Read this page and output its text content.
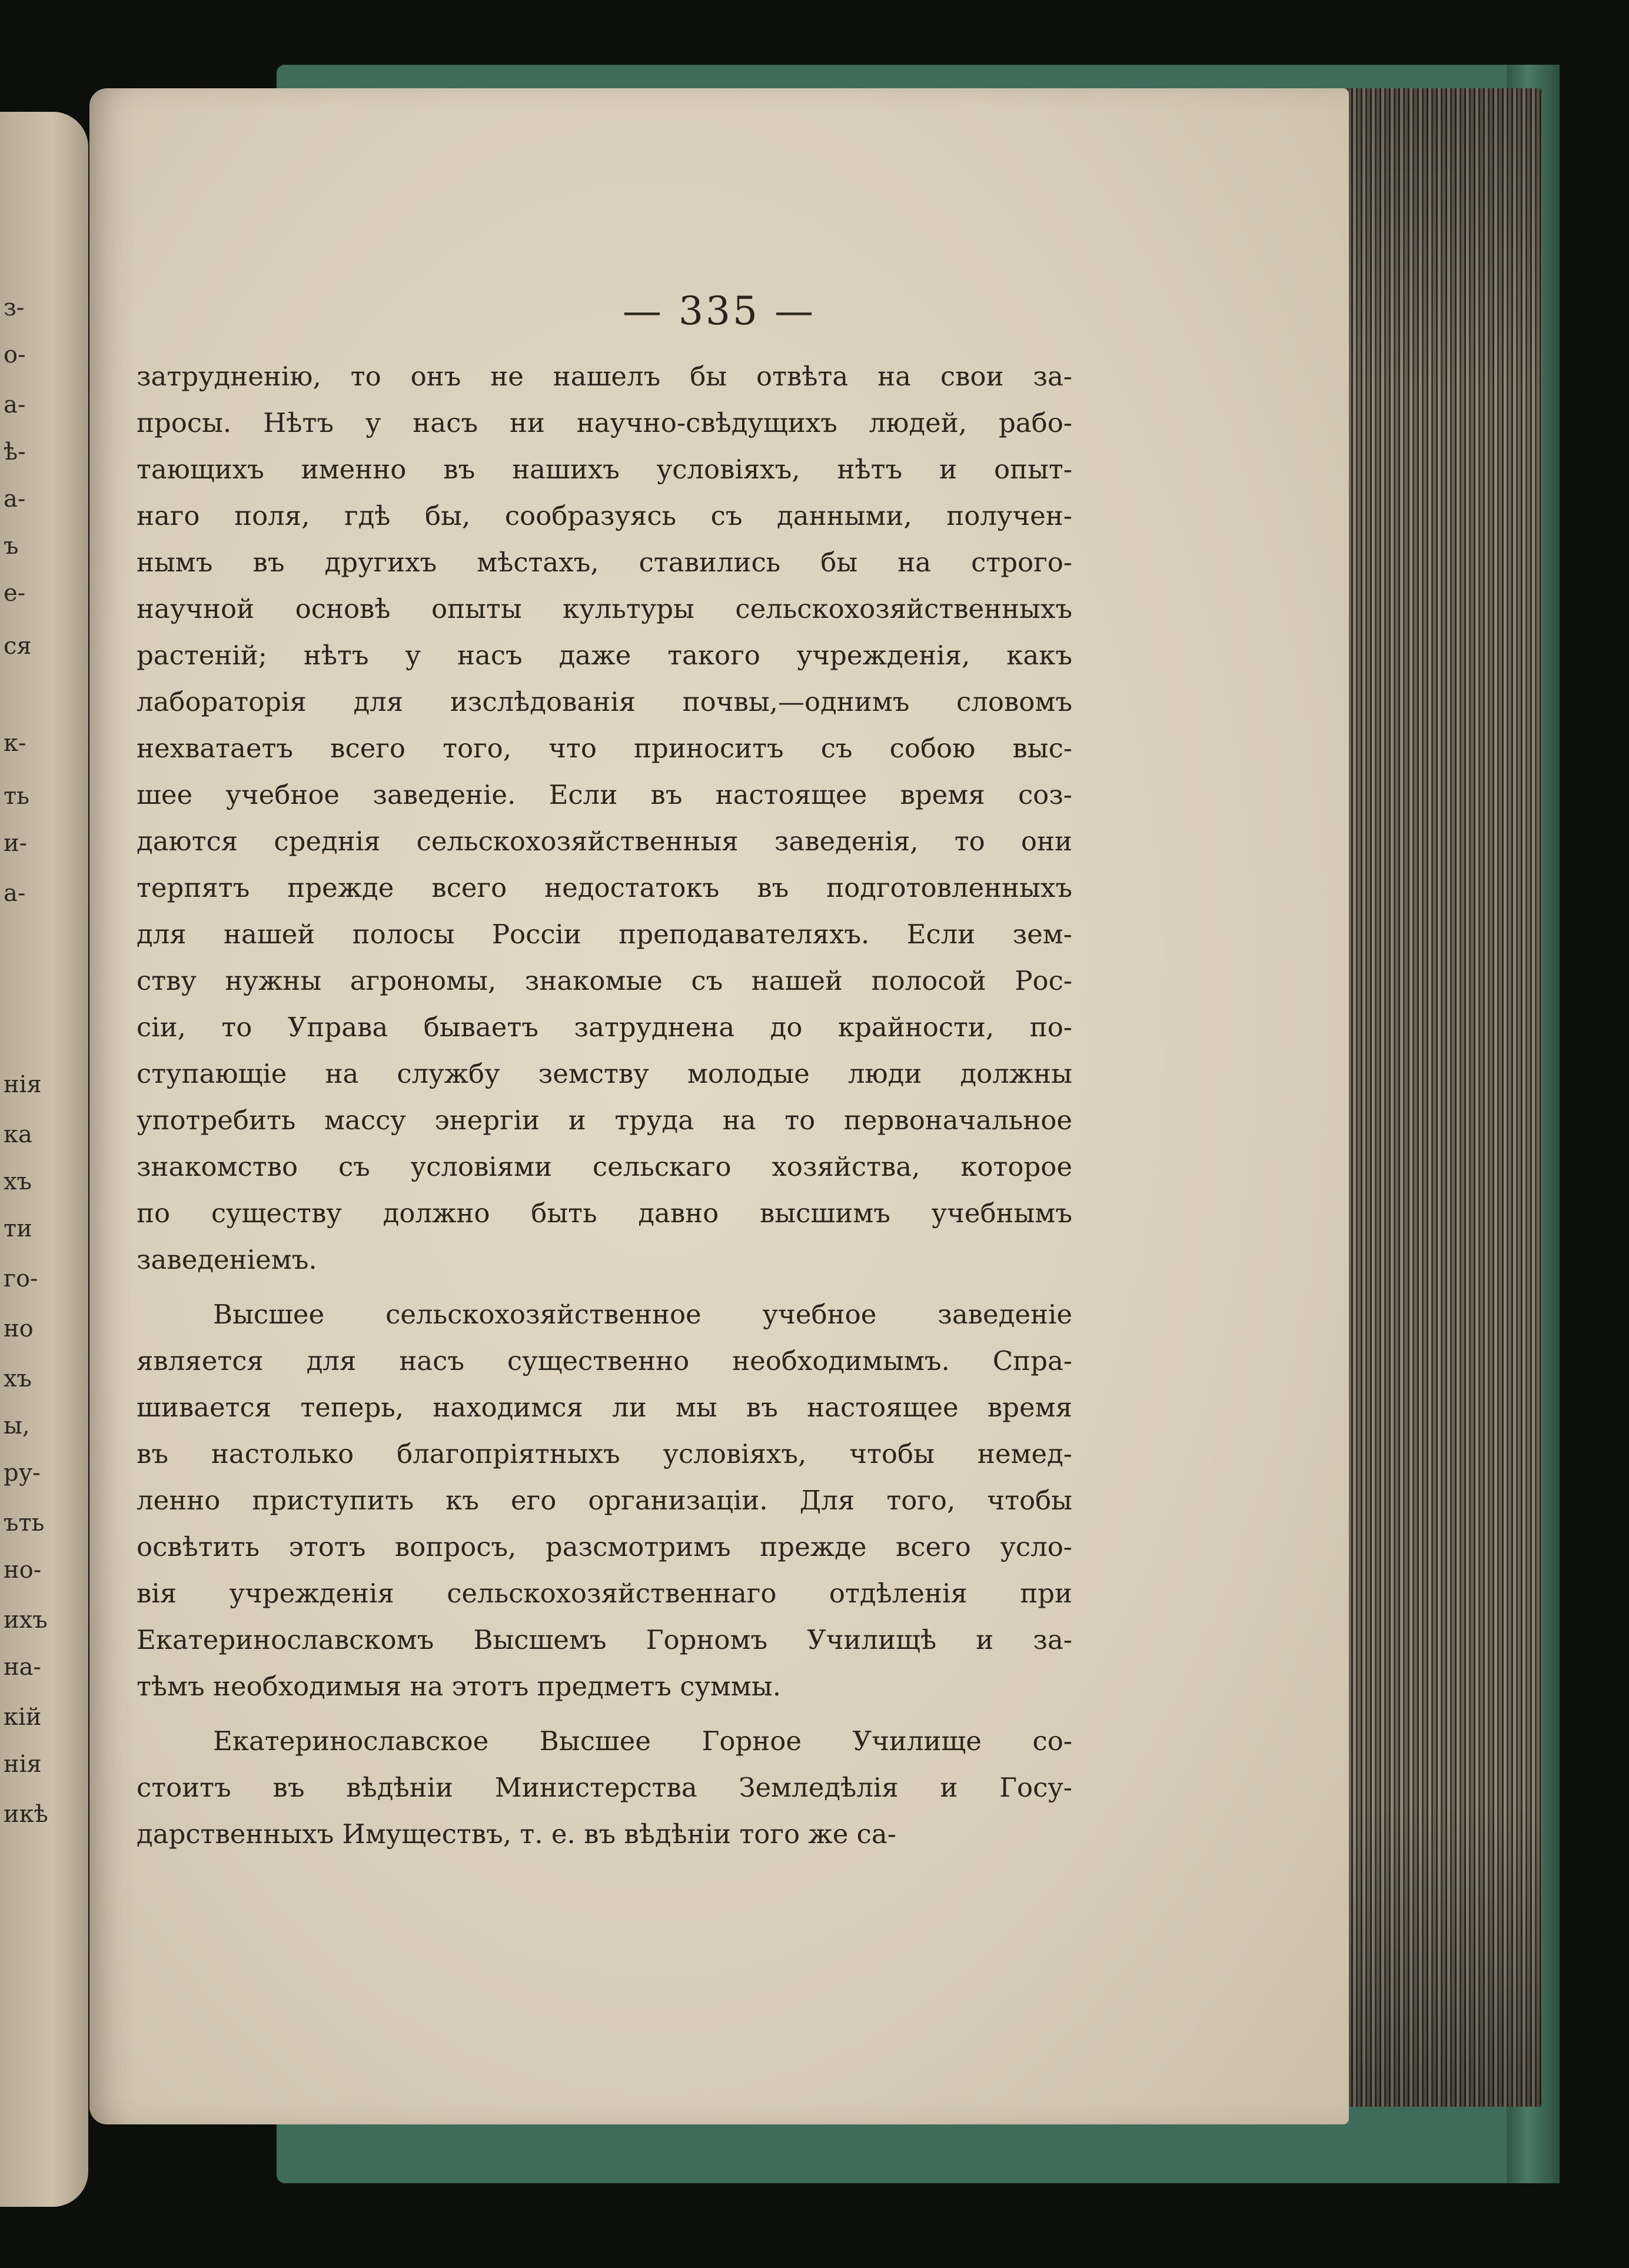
з-
о-
а-
ѣ-
а-
ъ
е-
ся
к-
ть
и-
а-
нія
ка
хъ
ти
го-
но
хъ
ы,
ру-
ъть
но-
ихъ
на-
кій
нія
икѣ
— 335 —
затрудненію, то онъ не нашелъ бы отвѣта на свои за-
просы. Нѣтъ у насъ ни научно-свѣдущихъ людей, рабо-
тающихъ именно въ нашихъ условіяхъ, нѣтъ и опыт-
наго поля, гдѣ бы, сообразуясь съ данными, получен-
нымъ въ другихъ мѣстахъ, ставились бы на строго-
научной основѣ опыты культуры сельскохозяйственныхъ
растеній; нѣтъ у насъ даже такого учрежденія, какъ
лабораторія для изслѣдованія почвы,—однимъ словомъ
нехватаетъ всего того, что приноситъ съ собою выс-
шее учебное заведеніе. Если въ настоящее время соз-
даются среднія сельскохозяйственныя заведенія, то они
терпятъ прежде всего недостатокъ въ подготовленныхъ
для нашей полосы Россіи преподавателяхъ. Если зем-
ству нужны агрономы, знакомые съ нашей полосой Рос-
сіи, то Управа бываетъ затруднена до крайности, по-
ступающіе на службу земству молодые люди должны
употребить массу энергіи и труда на то первоначальное
знакомство съ условіями сельскаго хозяйства, которое
по существу должно быть давно высшимъ учебнымъ
заведеніемъ.
Высшее сельскохозяйственное учебное заведеніе
является для насъ существенно необходимымъ. Спра-
шивается теперь, находимся ли мы въ настоящее время
въ настолько благопріятныхъ условіяхъ, чтобы немед-
ленно приступить къ его организаціи. Для того, чтобы
освѣтить этотъ вопросъ, разсмотримъ прежде всего усло-
вія учрежденія сельскохозяйственнаго отдѣленія при
Екатеринославскомъ Высшемъ Горномъ Училищѣ и за-
тѣмъ необходимыя на этотъ предметъ суммы.
Екатеринославское Высшее Горное Училище со-
стоитъ въ вѣдѣніи Министерства Земледѣлія и Госу-
дарственныхъ Имуществъ, т. е. въ вѣдѣніи того же са-
